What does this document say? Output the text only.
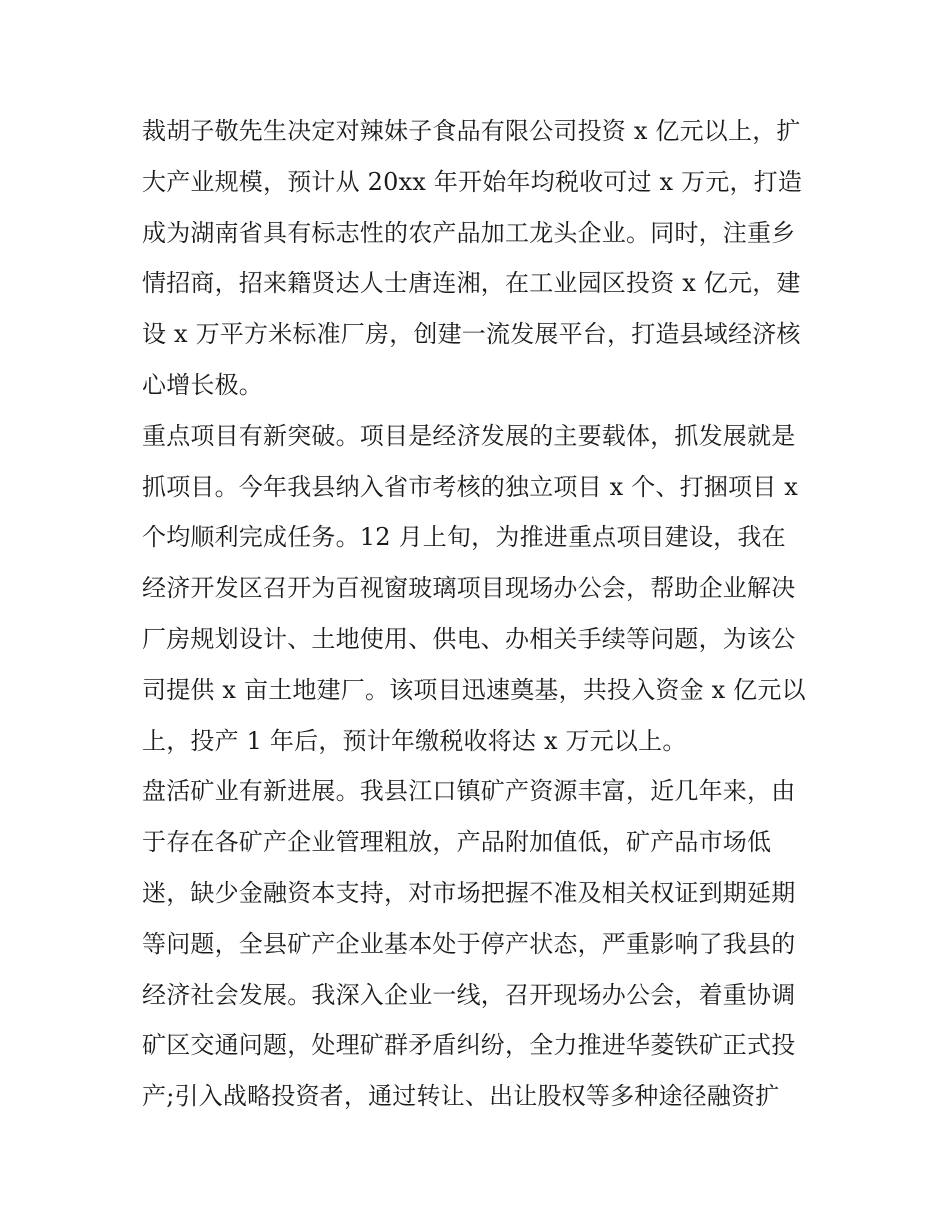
裁胡子敬先生决定对辣妹子食品有限公司投资 x 亿元以上，扩
大产业规模，预计从 20xx 年开始年均税收可过 x 万元，打造
成为湖南省具有标志性的农产品加工龙头企业。同时，注重乡
情招商，招来籍贤达人士唐连湘，在工业园区投资 x 亿元，建
设 x 万平方米标准厂房，创建一流发展平台，打造县域经济核
心增长极。
重点项目有新突破。项目是经济发展的主要载体，抓发展就是
抓项目。今年我县纳入省市考核的独立项目 x 个、打捆项目 x
个均顺利完成任务。12 月上旬，为推进重点项目建设，我在
经济开发区召开为百视窗玻璃项目现场办公会，帮助企业解决
厂房规划设计、土地使用、供电、办相关手续等问题，为该公
司提供 x 亩土地建厂。该项目迅速奠基，共投入资金 x 亿元以
上，投产 1 年后，预计年缴税收将达 x 万元以上。
盘活矿业有新进展。我县江口镇矿产资源丰富，近几年来，由
于存在各矿产企业管理粗放，产品附加值低，矿产品市场低
迷，缺少金融资本支持，对市场把握不准及相关权证到期延期
等问题，全县矿产企业基本处于停产状态，严重影响了我县的
经济社会发展。我深入企业一线，召开现场办公会，着重协调
矿区交通问题，处理矿群矛盾纠纷，全力推进华菱铁矿正式投
产;引入战略投资者，通过转让、出让股权等多种途径融资扩
